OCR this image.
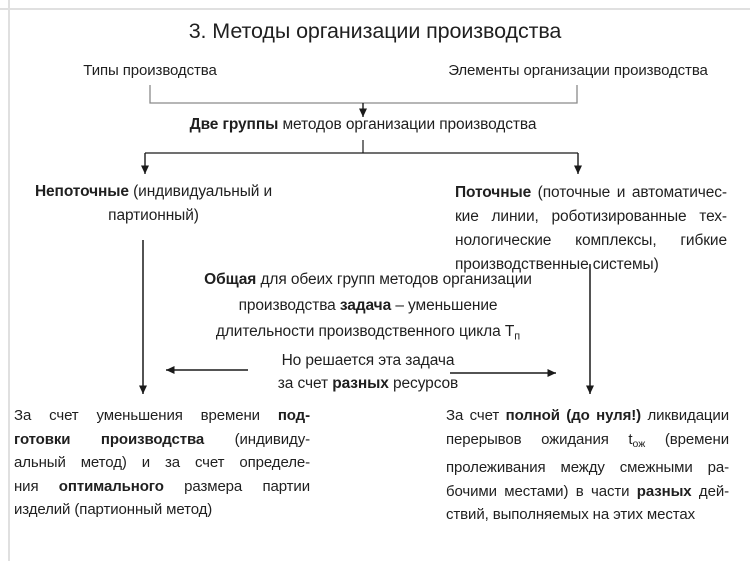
3. Методы организации производства
Типы производства	Элементы организации производства
Две группы методов организации производства
Непоточные (индивидуальный и
партионный)
Поточные (поточные и автоматичес-
кие линии, роботизированные тех-
нологические комплексы, гибкие
производственные системы)
Общая для обеих групп методов организации
производства задача – уменьшение
длительности производственного цикла $Т_п$
Но решается эта задача
за счет разных ресурсов
За счет уменьшения времени под-
готовки производства (индивиду-
альный метод) и за счет определе-
ния оптимального размера партии
изделий (партионный метод)
За счет полной (до нуля!) ликвидации
перерывов ожидания $t_{ож}$ (времени
пролеживания между смежными ра-
бочими местами) в части разных дей-
ствий, выполняемых на этих местах
